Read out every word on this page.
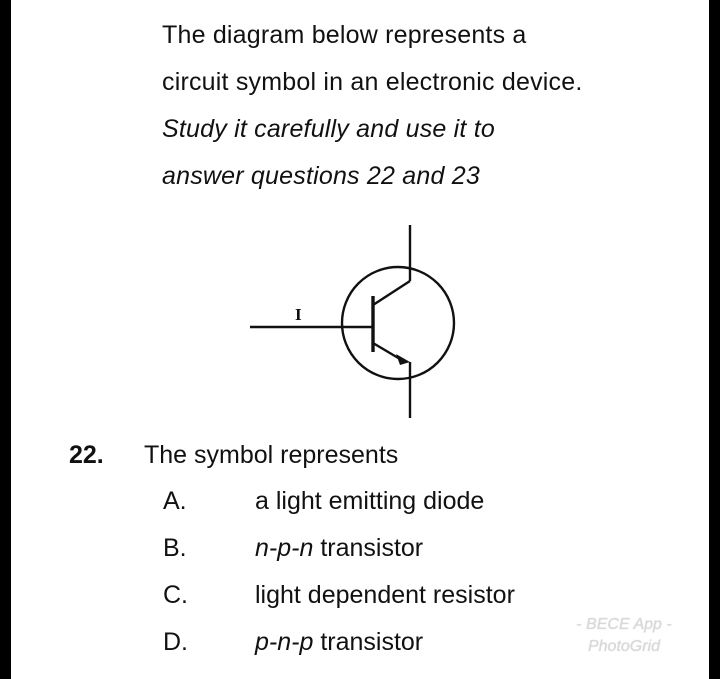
The diagram below represents a
circuit symbol in an electronic device.
Study it carefully and use it to
answer questions 22 and 23
I
22. The symbol represents
A.	a light emitting diode
B.	n-p-n transistor
C.	light dependent resistor
D.	p-n-p transistor
- BECE App -
PhotoGrid
